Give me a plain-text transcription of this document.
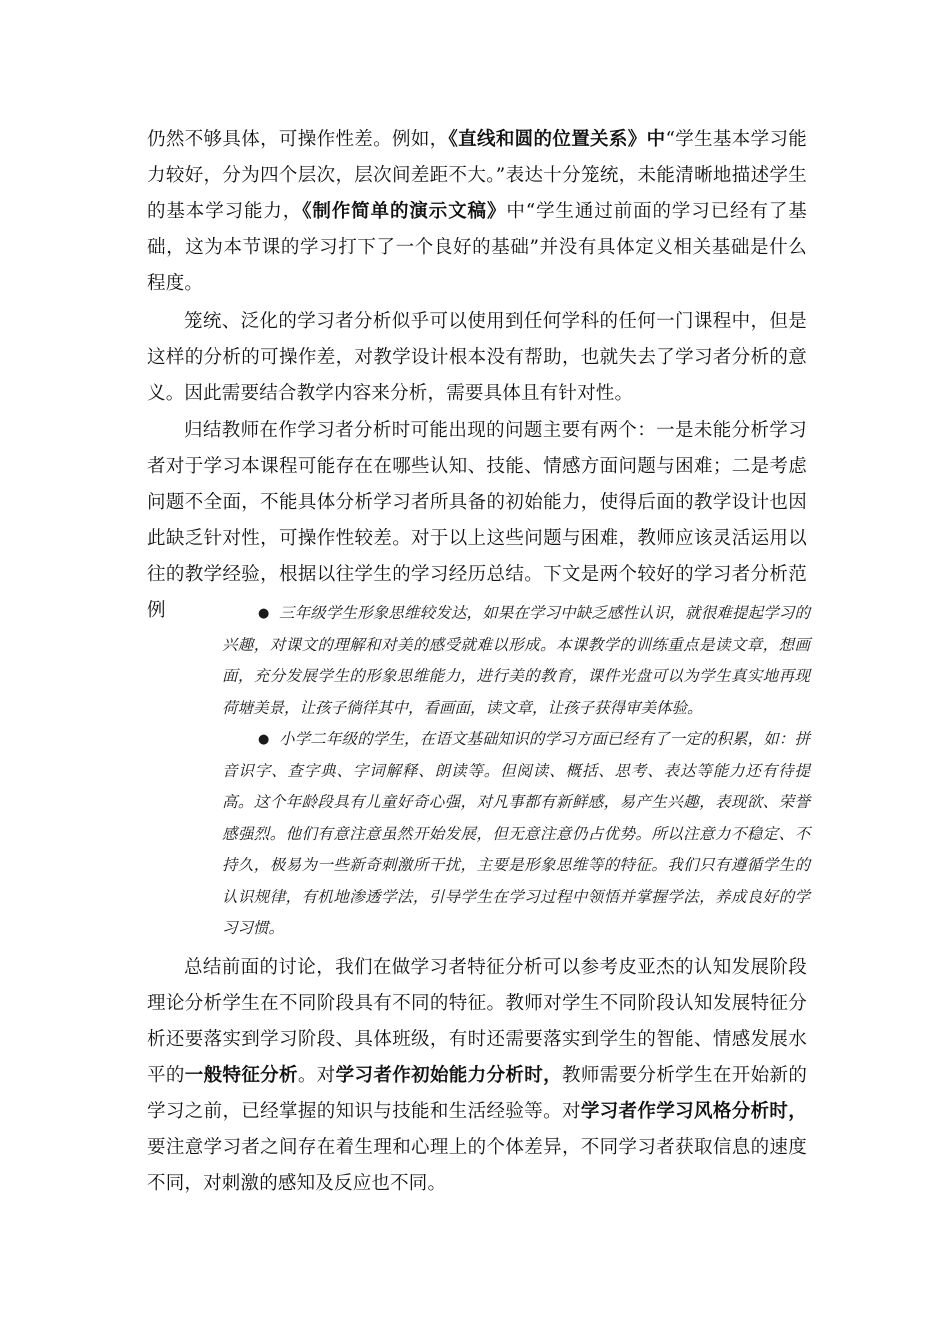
仍然不够具体，可操作性差。例如，《直线和圆的位置关系》中“学生基本学习能力较好，分为四个层次，层次间差距不大。”表达十分笼统，未能清晰地描述学生的基本学习能力，《制作简单的演示文稿》中“学生通过前面的学习已经有了基础，这为本节课的学习打下了一个良好的基础”并没有具体定义相关基础是什么程度。

笼统、泛化的学习者分析似乎可以使用到任何学科的任何一门课程中，但是这样的分析的可操作差，对教学设计根本没有帮助，也就失去了学习者分析的意义。因此需要结合教学内容来分析，需要具体且有针对性。

归结教师在作学习者分析时可能出现的问题主要有两个：一是未能分析学习者对于学习本课程可能存在在哪些认知、技能、情感方面问题与困难；二是考虑问题不全面，不能具体分析学习者所具备的初始能力，使得后面的教学设计也因此缺乏针对性，可操作性较差。对于以上这些问题与困难，教师应该灵活运用以往的教学经验，根据以往学生的学习经历总结。下文是两个较好的学习者分析范例	● 三年级学生形象思维较发达，如果在学习中缺乏感性认识，就很难提起学习的兴趣，对课文的理解和对美的感受就难以形成。本课教学的训练重点是读文章，想画面，充分发展学生的形象思维能力，进行美的教育，课件光盘可以为学生真实地再现荷塘美景，让孩子徜徉其中，看画面，读文章，让孩子获得审美体验。
● 小学二年级的学生，在语文基础知识的学习方面已经有了一定的积累，如：拼音识字、查字典、字词解释、朗读等。但阅读、概括、思考、表达等能力还有待提高。这个年龄段具有儿童好奇心强，对凡事都有新鲜感，易产生兴趣，表现欲、荣誉感强烈。他们有意注意虽然开始发展，但无意注意仍占优势。所以注意力不稳定、不持久，极易为一些新奇刺激所干扰，主要是形象思维等的特征。我们只有遵循学生的认识规律，有机地渗透学法，引导学生在学习过程中领悟并掌握学法，养成良好的学习习惯。

总结前面的讨论，我们在做学习者特征分析可以参考皮亚杰的认知发展阶段理论分析学生在不同阶段具有不同的特征。教师对学生不同阶段认知发展特征分析还要落实到学习阶段、具体班级，有时还需要落实到学生的智能、情感发展水平的一般特征分析。对学习者作初始能力分析时，教师需要分析学生在开始新的学习之前，已经掌握的知识与技能和生活经验等。对学习者作学习风格分析时，要注意学习者之间存在着生理和心理上的个体差异，不同学习者获取信息的速度不同，对刺激的感知及反应也不同。
